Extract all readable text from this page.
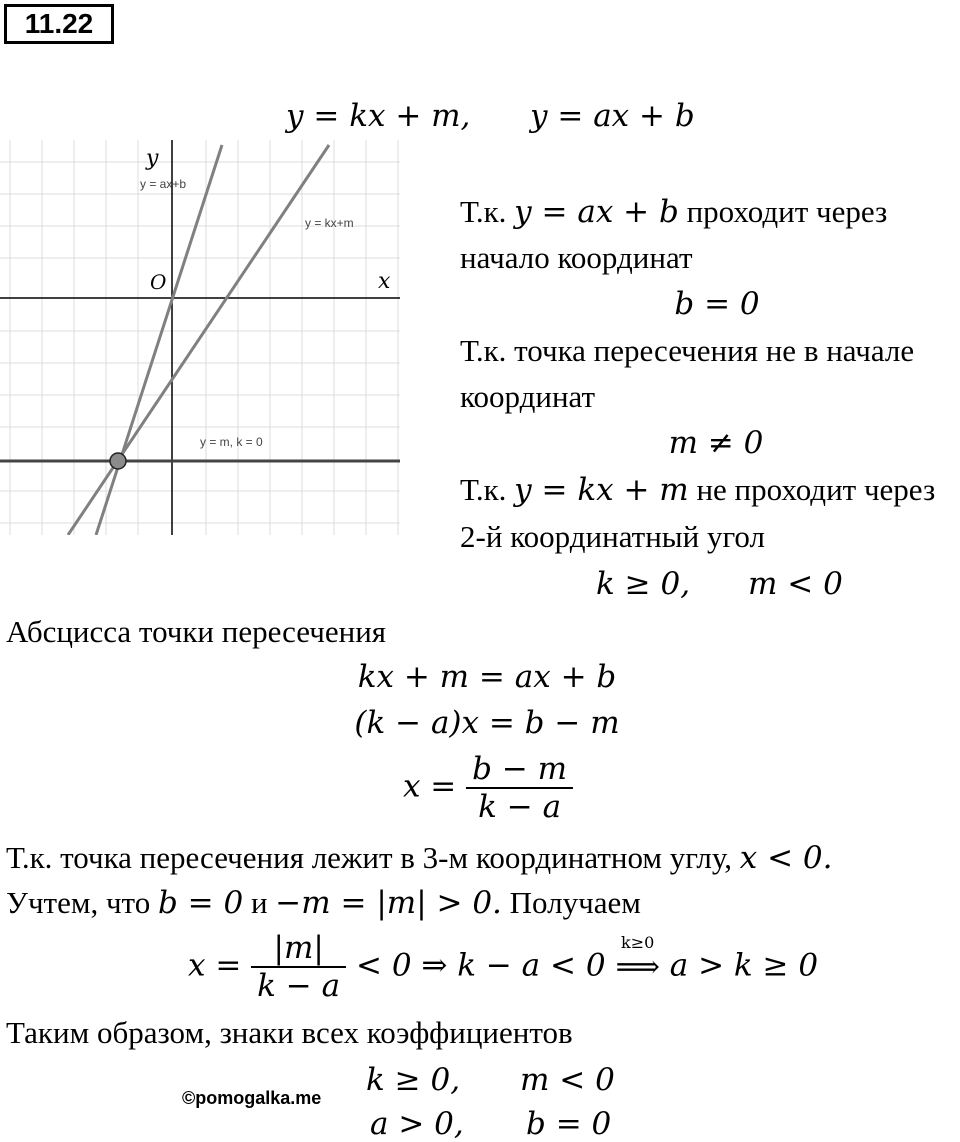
11.22
y = kx + m, y = ax + b
y
x
O
y = ax+b
y = kx+m
y = m, k = 0
Т.к. y = ax + b проходит через
начало координат
b = 0
Т.к. точка пересечения не в начале
координат
m ≠ 0
Т.к. y = kx + m не проходит через
2-й координатный угол
k ≥ 0, m < 0
Абсцисса точки пересечения
kx + m = ax + b
(k − a)x = b − m
$x = \frac{b - m}{k - a}$
Т.к. точка пересечения лежит в 3-м координатном углу, x < 0.
Учтем, что b = 0 и −m = |m| > 0. Получаем
$x = \frac{|m|}{k - a} < 0$ ⇒ k − a < 0
k≥0
⟹ a > k ≥ 0
Таким образом, знаки всех коэффициентов
k ≥ 0, m < 0
a > 0, b = 0
©pomogalka.me
